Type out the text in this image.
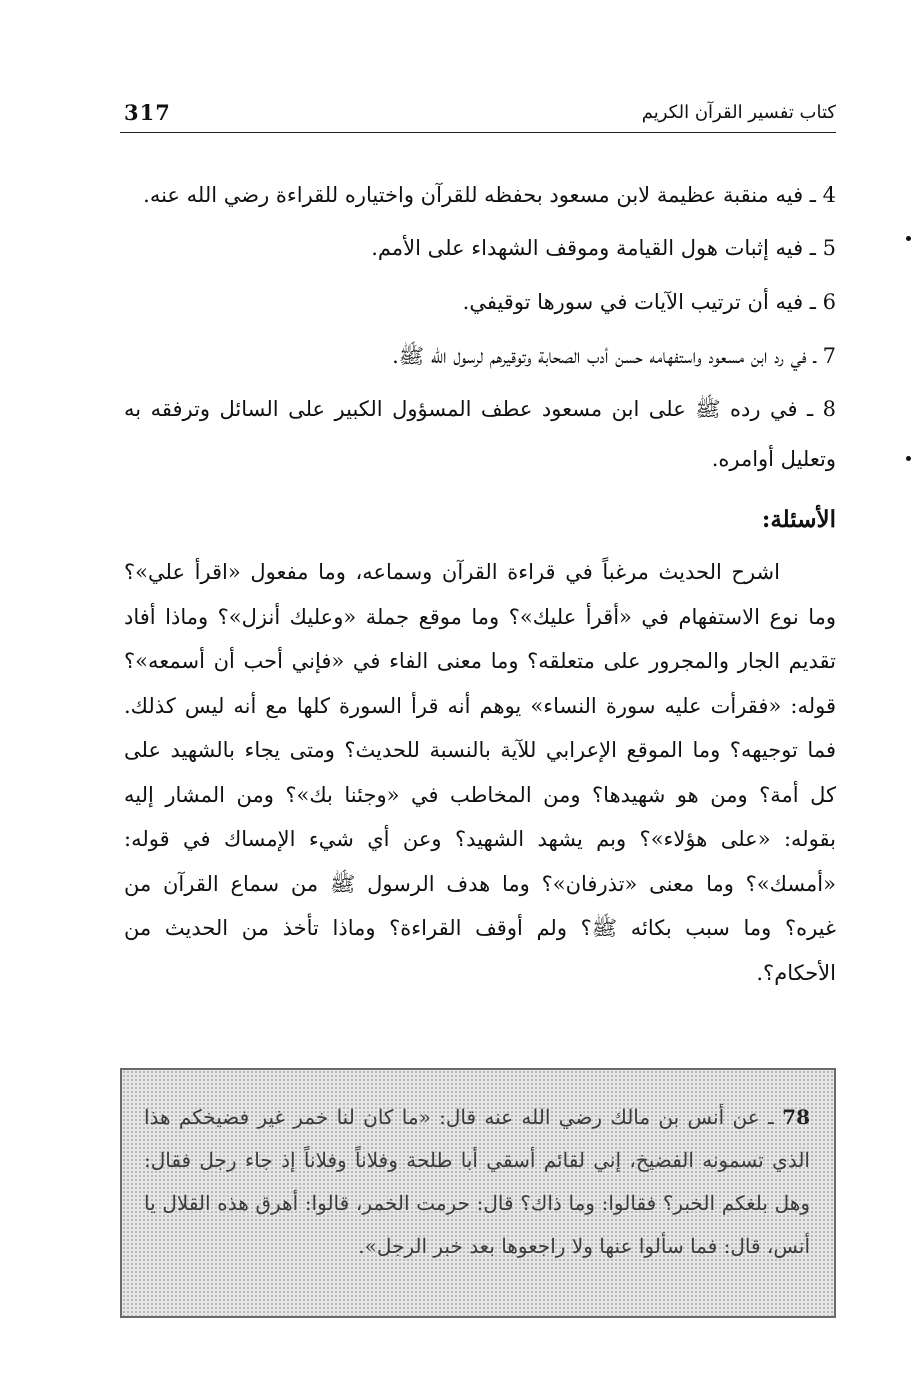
317	كتاب تفسير القرآن الكريم

4 ـ فيه منقبة عظيمة لابن مسعود بحفظه للقرآن واختياره للقراءة رضي الله عنه.

5 ـ فيه إثبات هول القيامة وموقف الشهداء على الأمم.

6 ـ فيه أن ترتيب الآيات في سورها توقيفي.

7 ـ في رد ابن مسعود واستفهامه حسن أدب الصحابة وتوقيرهم لرسول الله ﷺ.

8 ـ في رده ﷺ على ابن مسعود عطف المسؤول الكبير على السائل وترفقه به وتعليل أوامره.

الأسئلة:

اشرح الحديث مرغباً في قراءة القرآن وسماعه، وما مفعول «اقرأ علي»؟ وما نوع الاستفهام في «أقرأ عليك»؟ وما موقع جملة «وعليك أنزل»؟ وماذا أفاد تقديم الجار والمجرور على متعلقه؟ وما معنى الفاء في «فإني أحب أن أسمعه»؟ قوله: «فقرأت عليه سورة النساء» يوهم أنه قرأ السورة كلها مع أنه ليس كذلك. فما توجيهه؟ وما الموقع الإعرابي للآية بالنسبة للحديث؟ ومتى يجاء بالشهيد على كل أمة؟ ومن هو شهيدها؟ ومن المخاطب في «وجئنا بك»؟ ومن المشار إليه بقوله: «على هؤلاء»؟ وبم يشهد الشهيد؟ وعن أي شيء الإمساك في قوله: «أمسك»؟ وما معنى «تذرفان»؟ وما هدف الرسول ﷺ من سماع القرآن من غيره؟ وما سبب بكائه ﷺ؟ ولم أوقف القراءة؟ وماذا تأخذ من الحديث من الأحكام؟.

78 ـ عن أنس بن مالك رضي الله عنه قال: «ما كان لنا خمر غير فضيخكم هذا الذي تسمونه الفضيخ، إني لقائم أسقي أبا طلحة وفلاناً وفلاناً إذ جاء رجل فقال: وهل بلغكم الخبر؟ فقالوا: وما ذاك؟ قال: حرمت الخمر، قالوا: أهرق هذه القلال يا أنس، قال: فما سألوا عنها ولا راجعوها بعد خبر الرجل».
